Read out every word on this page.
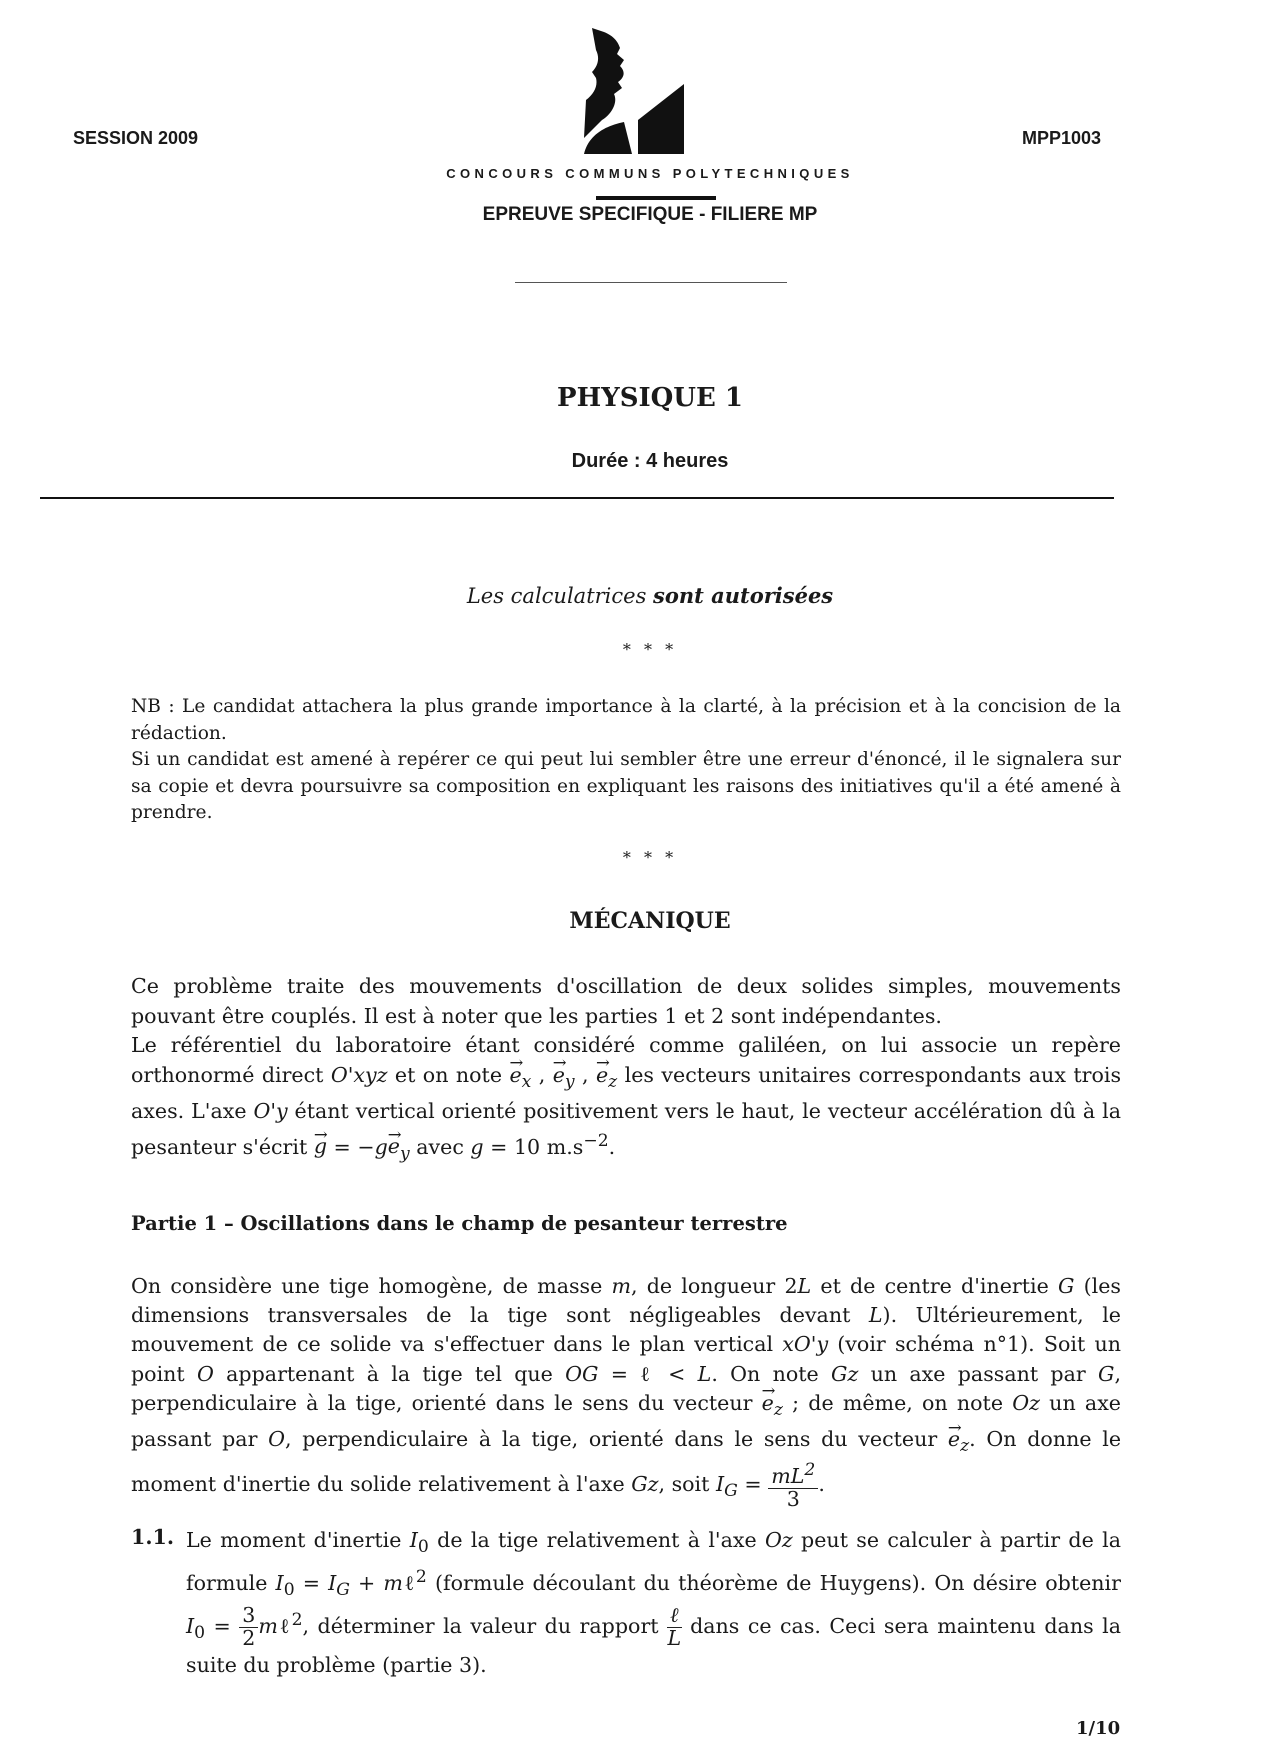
SESSION 2009	MPP1003
CONCOURS COMMUNS POLYTECHNIQUES
EPREUVE SPECIFIQUE - FILIERE MP
PHYSIQUE 1
Durée : 4 heures
Les calculatrices sont autorisées
* * *

NB : Le candidat attachera la plus grande importance à la clarté, à la précision et à la concision de la rédaction.

Si un candidat est amené à repérer ce qui peut lui sembler être une erreur d'énoncé, il le signalera sur sa copie et devra poursuivre sa composition en expliquant les raisons des initiatives qu'il a été amené à prendre.

* * *
MÉCANIQUE

Ce problème traite des mouvements d'oscillation de deux solides simples, mouvements pouvant être couplés. Il est à noter que les parties 1 et 2 sont indépendantes.

Le référentiel du laboratoire étant considéré comme galiléen, on lui associe un repère orthonormé direct O'xyz et on note → $e_x$ , → $e_y$ , → $e_z$ les vecteurs unitaires correspondants aux trois axes. L'axe O'y étant vertical orienté positivement vers le haut, le vecteur accélération dû à la pesanteur s'écrit → $g = -g\to e_y$ avec g = 10 $m.s^{-2}$.

Partie 1 – Oscillations dans le champ de pesanteur terrestre
On considère une tige homogène, de masse m, de longueur 2L et de centre d'inertie G (les dimensions transversales de la tige sont négligeables devant L). Ultérieurement, le mouvement de ce solide va s'effectuer dans le plan vertical xO'y (voir schéma n°1). Soit un point O appartenant à la tige tel que OG = ℓ < L. On note Gz un axe passant par G, perpendiculaire à la tige, orienté dans le sens du vecteur → $e_z$ ; de même, on note Oz un axe passant par O, perpendiculaire à la tige, orienté dans le sens du vecteur → $e_z$. On donne le moment d'inertie du solide relativement à l'axe Gz, soit $I_G = \frac{mL^2}{3}$ .
1.1. Le moment d'inertie $I_0$ de la tige relativement à l'axe Oz peut se calculer à partir de la formule $I_0 = I_G$ + mℓ$^2$ (formule découlant du théorème de Huygens). On désire obtenir $I_0 = \frac{3}{2}$ mℓ$^2$, déterminer la valeur du rapport $\frac{\text{ℓ}}{L}$ dans ce cas. Ceci sera maintenu dans la suite du problème (partie 3).
1/10
